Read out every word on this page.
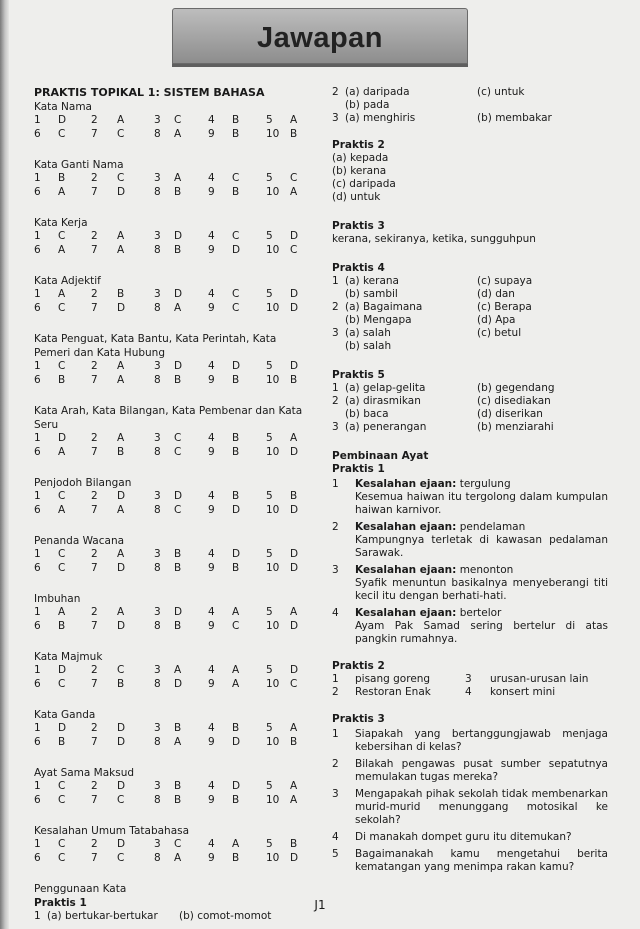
Jawapan
PRAKTIS TOPIKAL 1: SISTEM BAHASA
Kata Nama
1 D 2 A	3 C	4 B	5 A
6 C 7 C	8 A	9 B	10 B
Kata Ganti Nama
1 B 2 C	3 A	4 C	5 C
6 A 7 D	8 B	9 B	10 A
Kata Kerja
1 C 2 A	3 D 4 C	5 D
6 A 7 A	8 B	9 D 10 C
Kata Adjektif
1 A 2 B	3 D 4 C	5 D
6 C 7 D	8 A	9 C	10 D
Kata Penguat, Kata Bantu, Kata Perintah, Kata Pemeri dan Kata Hubung
1 C 2 A	3 D 4 D 5 D
6 B 7 A	8 B	9 B	10 B
Kata Arah, Kata Bilangan, Kata Pembenar dan Kata Seru
1 D 2 A	3 C	4 B	5 A
6 A 7 B	8 C	9 B	10 D
Penjodoh Bilangan
1 C 2 D	3 D 4 B	5 B
6 A 7 A	8 C	9 D 10 D
Penanda Wacana
1 C 2 A	3 B	4 D 5 D
6 C 7 D	8 B	9 B	10 D
Imbuhan
1 A 2 A	3 D 4 A	5 A
6 B 7 D	8 B	9 C	10 D
Kata Majmuk
1 D 2 C	3 A	4 A	5 D
6 C 7 B	8 D 9 A	10 C
Kata Ganda
1 D 2 D	3 B	4 B	5 A
6 B 7 D	8 A	9 D 10 B
Ayat Sama Maksud
1 C 2 D	3 B	4 D 5 A
6 C 7 C	8 B	9 B	10 A
Kesalahan Umum Tatabahasa
1 C 2 D	3 C	4 A	5 B
6 C 7 C	8 A	9 B	10 D
Penggunaan Kata
Praktis 1
1 (a) bertukar-bertukar (b) comot-momot
2 (a) daripada	(c) untuk
(b) pada
3 (a) menghiris	(b) membakar
Praktis 2
(a) kepada
(b) kerana
(c) daripada
(d) untuk
Praktis 3
kerana, sekiranya, ketika, sungguhpun
Praktis 4
1 (a) kerana	(c) supaya
(b) sambil	(d) dan
2 (a) Bagaimana	(c) Berapa
(b) Mengapa	(d) Apa
3 (a) salah	(c) betul
(b) salah
Praktis 5
1 (a) gelap-gelita	(b) gegendang
2 (a) dirasmikan	(c) disediakan
(b) baca	(d) diserikan
3 (a) penerangan	(b) menziarahi
Pembinaan Ayat
Praktis 1
1 Kesalahan ejaan: tergulung

Kesemua haiwan itu tergolong dalam kumpulan haiwan karnivor.

2 Kesalahan ejaan: pendelaman

Kampungnya terletak di kawasan pedalaman Sarawak.

3 Kesalahan ejaan: menonton

Syafik menuntun basikalnya menyeberangi titi kecil itu dengan berhati-hati.

4 Kesalahan ejaan: bertelor

Ayam Pak Samad sering bertelur di atas pangkin rumahnya.

Praktis 2
1 pisang goreng	3 urusan-urusan lain
2 Restoran Enak	4 konsert mini
Praktis 3
1 Siapakah yang bertanggungjawab menjaga kebersihan di kelas?

2 Bilakah pengawas pusat sumber sepatutnya memulakan tugas mereka?

3 Mengapakah pihak sekolah tidak membenarkan murid-murid menunggang motosikal ke sekolah?

4 Di manakah dompet guru itu ditemukan?

5 Bagaimanakah kamu mengetahui berita kematangan yang menimpa rakan kamu?

J1
